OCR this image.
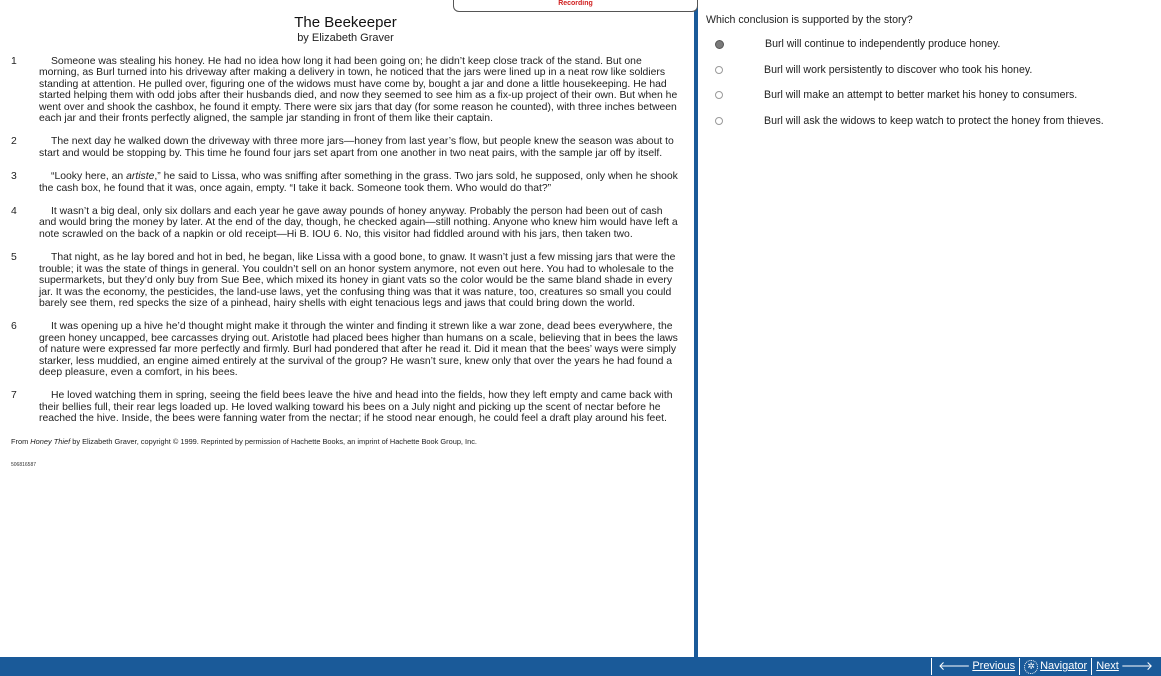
Recording
The Beekeeper
by Elizabeth Graver
1	Someone was stealing his honey. He had no idea how long it had been going on; he didn’t keep close track of the stand. But one morning, as Burl turned into his driveway after making a delivery in town, he noticed that the jars were lined up in a neat row like soldiers standing at attention. He pulled over, figuring one of the widows must have come by, bought a jar and done a little housekeeping. He had started helping them with odd jobs after their husbands died, and now they seemed to see him as a fix-up project of their own. But when he went over and shook the cashbox, he found it empty. There were six jars that day (for some reason he counted), with three inches between each jar and their fronts perfectly aligned, the sample jar standing in front of them like their captain.
2	The next day he walked down the driveway with three more jars—honey from last year’s flow, but people knew the season was about to start and would be stopping by. This time he found four jars set apart from one another in two neat pairs, with the sample jar off by itself.
3	“Looky here, an artiste,” he said to Lissa, who was sniffing after something in the grass. Two jars sold, he supposed, only when he shook the cash box, he found that it was, once again, empty. “I take it back. Someone took them. Who would do that?”
4	It wasn’t a big deal, only six dollars and each year he gave away pounds of honey anyway. Probably the person had been out of cash and would bring the money by later. At the end of the day, though, he checked again—still nothing. Anyone who knew him would have left a note scrawled on the back of a napkin or old receipt—Hi B. IOU 6. No, this visitor had fiddled around with his jars, then taken two.
5	That night, as he lay bored and hot in bed, he began, like Lissa with a good bone, to gnaw. It wasn’t just a few missing jars that were the trouble; it was the state of things in general. You couldn’t sell on an honor system anymore, not even out here. You had to wholesale to the supermarkets, but they’d only buy from Sue Bee, which mixed its honey in giant vats so the color would be the same bland shade in every jar. It was the economy, the pesticides, the land-use laws, yet the confusing thing was that it was nature, too, creatures so small you could barely see them, red specks the size of a pinhead, hairy shells with eight tenacious legs and jaws that could bring down the world.
6	It was opening up a hive he’d thought might make it through the winter and finding it strewn like a war zone, dead bees everywhere, the green honey uncapped, bee carcasses drying out. Aristotle had placed bees higher than humans on a scale, believing that in bees the laws of nature were expressed far more perfectly and firmly. Burl had pondered that after he read it. Did it mean that the bees’ ways were simply starker, less muddied, an engine aimed entirely at the survival of the group? He wasn’t sure, knew only that over the years he had found a deep pleasure, even a comfort, in his bees.
7	He loved watching them in spring, seeing the field bees leave the hive and head into the fields, how they left empty and came back with their bellies full, their rear legs loaded up. He loved walking toward his bees on a July night and picking up the scent of nectar before he reached the hive. Inside, the bees were fanning water from the nectar; if he stood near enough, he could feel a draft play around his feet.
From Honey Thief by Elizabeth Graver, copyright © 1999. Reprinted by permission of Hachette Books, an imprint of Hachette Book Group, Inc.
506816587
Which conclusion is supported by the story?
Burl will continue to independently produce honey.
Burl will work persistently to discover who took his honey.
Burl will make an attempt to better market his honey to consumers.
Burl will ask the widows to keep watch to protect the honey from thieves.
🡐 Previous	✲ Navigator Next 🡒
